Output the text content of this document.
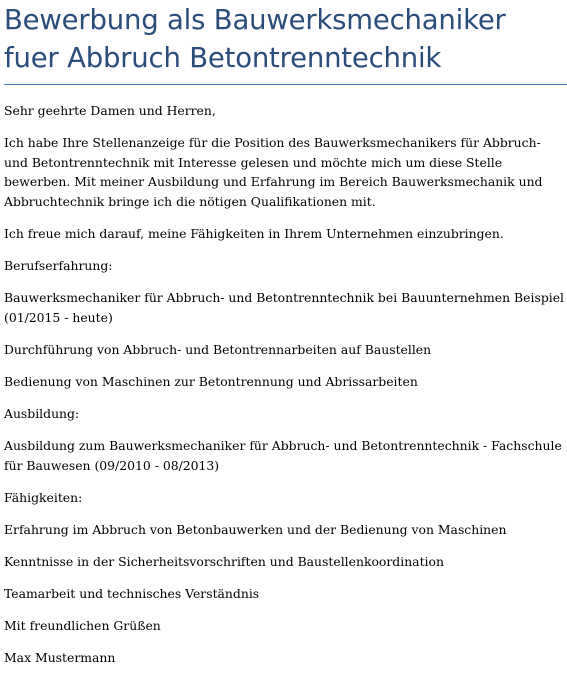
Bewerbung als Bauwerksmechaniker
fuer Abbruch Betontrenntechnik

Sehr geehrte Damen und Herren,

Ich habe Ihre Stellenanzeige für die Position des Bauwerksmechanikers für Abbruch- und Betontrenntechnik mit Interesse gelesen und möchte mich um diese Stelle bewerben. Mit meiner Ausbildung und Erfahrung im Bereich Bauwerksmechanik und Abbruchtechnik bringe ich die nötigen Qualifikationen mit.

Ich freue mich darauf, meine Fähigkeiten in Ihrem Unternehmen einzubringen.

Berufserfahrung:

Bauwerksmechaniker für Abbruch- und Betontrenntechnik bei Bauunternehmen Beispiel (01/2015 - heute)

Durchführung von Abbruch- und Betontrennarbeiten auf Baustellen

Bedienung von Maschinen zur Betontrennung und Abrissarbeiten

Ausbildung:

Ausbildung zum Bauwerksmechaniker für Abbruch- und Betontrenntechnik - Fachschule für Bauwesen (09/2010 - 08/2013)

Fähigkeiten:

Erfahrung im Abbruch von Betonbauwerken und der Bedienung von Maschinen

Kenntnisse in der Sicherheitsvorschriften und Baustellenkoordination

Teamarbeit und technisches Verständnis

Mit freundlichen Grüßen

Max Mustermann
